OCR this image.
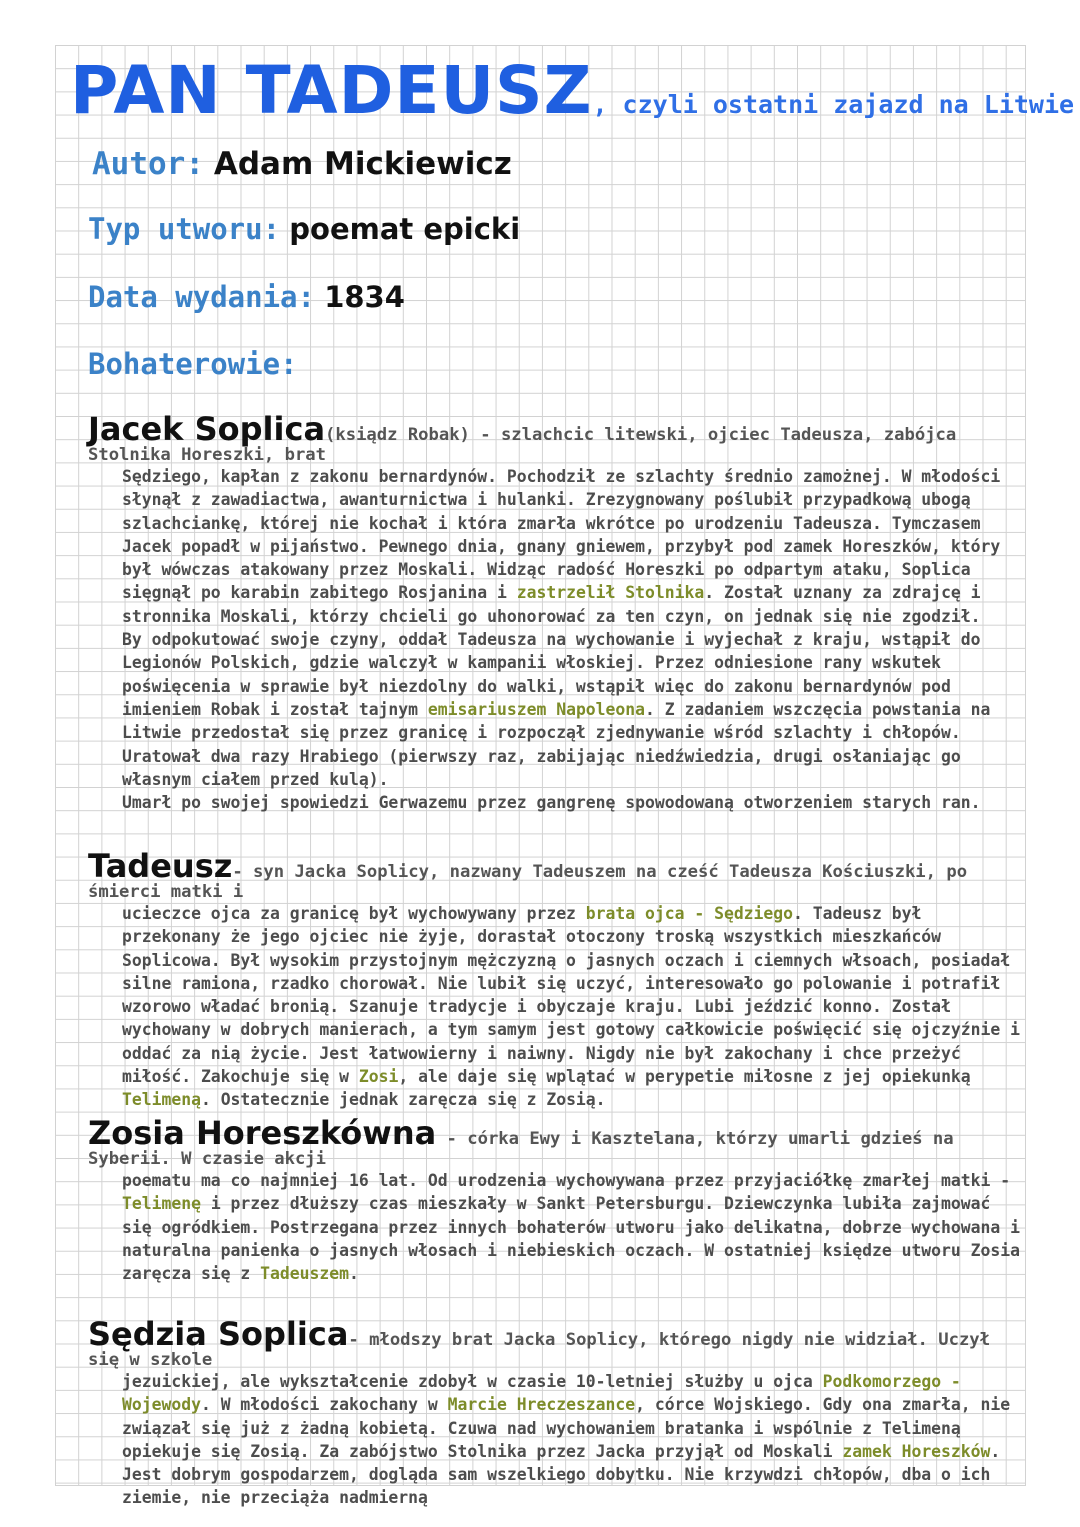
PAN TADEUSZ, czyli ostatni zajazd na Litwie
Autor: Adam Mickiewicz
Typ utworu: poemat epicki
Data wydania: 1834
Bohaterowie:
Jacek Soplica(ksiądz Robak) - szlachcic litewski, ojciec Tadeusza, zabójca Stolnika Horeszki, brat

Sędziego, kapłan z zakonu bernardynów. Pochodził ze szlachty średnio zamożnej. W młodości słynął z zawadiactwa, awanturnictwa i hulanki. Zrezygnowany poślubił przypadkową ubogą szlachciankę, której nie kochał i która zmarła wkrótce po urodzeniu Tadeusza. Tymczasem Jacek popadł w pijaństwo. Pewnego dnia, gnany gniewem, przybył pod zamek Horeszków, który był wówczas atakowany przez Moskali. Widząc radość Horeszki po odpartym ataku, Soplica sięgnął po karabin zabitego Rosjanina i zastrzelił Stolnika. Został uznany za zdrajcę i stronnika Moskali, którzy chcieli go uhonorować za ten czyn, on jednak się nie zgodził.

By odpokutować swoje czyny, oddał Tadeusza na wychowanie i wyjechał z kraju, wstąpił do Legionów Polskich, gdzie walczył w kampanii włoskiej. Przez odniesione rany wskutek poświęcenia w sprawie był niezdolny do walki, wstąpił więc do zakonu bernardynów pod imieniem Robak i został tajnym emisariuszem Napoleona. Z zadaniem wszczęcia powstania na Litwie przedostał się przez granicę i rozpoczął zjednywanie wśród szlachty i chłopów.

Uratował dwa razy Hrabiego (pierwszy raz, zabijając niedźwiedzia, drugi osłaniając go własnym ciałem przed kulą).

Umarł po swojej spowiedzi Gerwazemu przez gangrenę spowodowaną otworzeniem starych ran.

Tadeusz- syn Jacka Soplicy, nazwany Tadeuszem na cześć Tadeusza Kościuszki, po śmierci matki i

ucieczce ojca za granicę był wychowywany przez brata ojca - Sędziego. Tadeusz był przekonany że jego ojciec nie żyje, dorastał otoczony troską wszystkich mieszkańców Soplicowa. Był wysokim przystojnym mężczyzną o jasnych oczach i ciemnych włsoach, posiadał silne ramiona, rzadko chorował. Nie lubił się uczyć, interesowało go polowanie i potrafił wzorowo władać bronią. Szanuje tradycje i obyczaje kraju. Lubi jeździć konno. Został wychowany w dobrych manierach, a tym samym jest gotowy całkowicie poświęcić się ojczyźnie i oddać za nią życie. Jest łatwowierny i naiwny. Nigdy nie był zakochany i chce przeżyć miłość. Zakochuje się w Zosi, ale daje się wplątać w perypetie miłosne z jej opiekunką Telimeną. Ostatecznie jednak zaręcza się z Zosią.

Zosia Horeszkówna - córka Ewy i Kasztelana, którzy umarli gdzieś na Syberii. W czasie akcji

poematu ma co najmniej 16 lat. Od urodzenia wychowywana przez przyjaciółkę zmarłej matki - Telimenę i przez dłuższy czas mieszkały w Sankt Petersburgu. Dziewczynka lubiła zajmować się ogródkiem. Postrzegana przez innych bohaterów utworu jako delikatna, dobrze wychowana i naturalna panienka o jasnych włosach i niebieskich oczach. W ostatniej księdze utworu Zosia zaręcza się z Tadeuszem.

Sędzia Soplica- młodszy brat Jacka Soplicy, którego nigdy nie widział. Uczył się w szkole

jezuickiej, ale wykształcenie zdobył w czasie 10-letniej służby u ojca Podkomorzego - Wojewody. W młodości zakochany w Marcie Hreczeszance, córce Wojskiego. Gdy ona zmarła, nie związał się już z żadną kobietą. Czuwa nad wychowaniem bratanka i wspólnie z Telimeną opiekuje się Zosią. Za zabójstwo Stolnika przez Jacka przyjął od Moskali zamek Horeszków. Jest dobrym gospodarzem, dogląda sam wszelkiego dobytku. Nie krzywdzi chłopów, dba o ich ziemie, nie przeciąża nadmierną
